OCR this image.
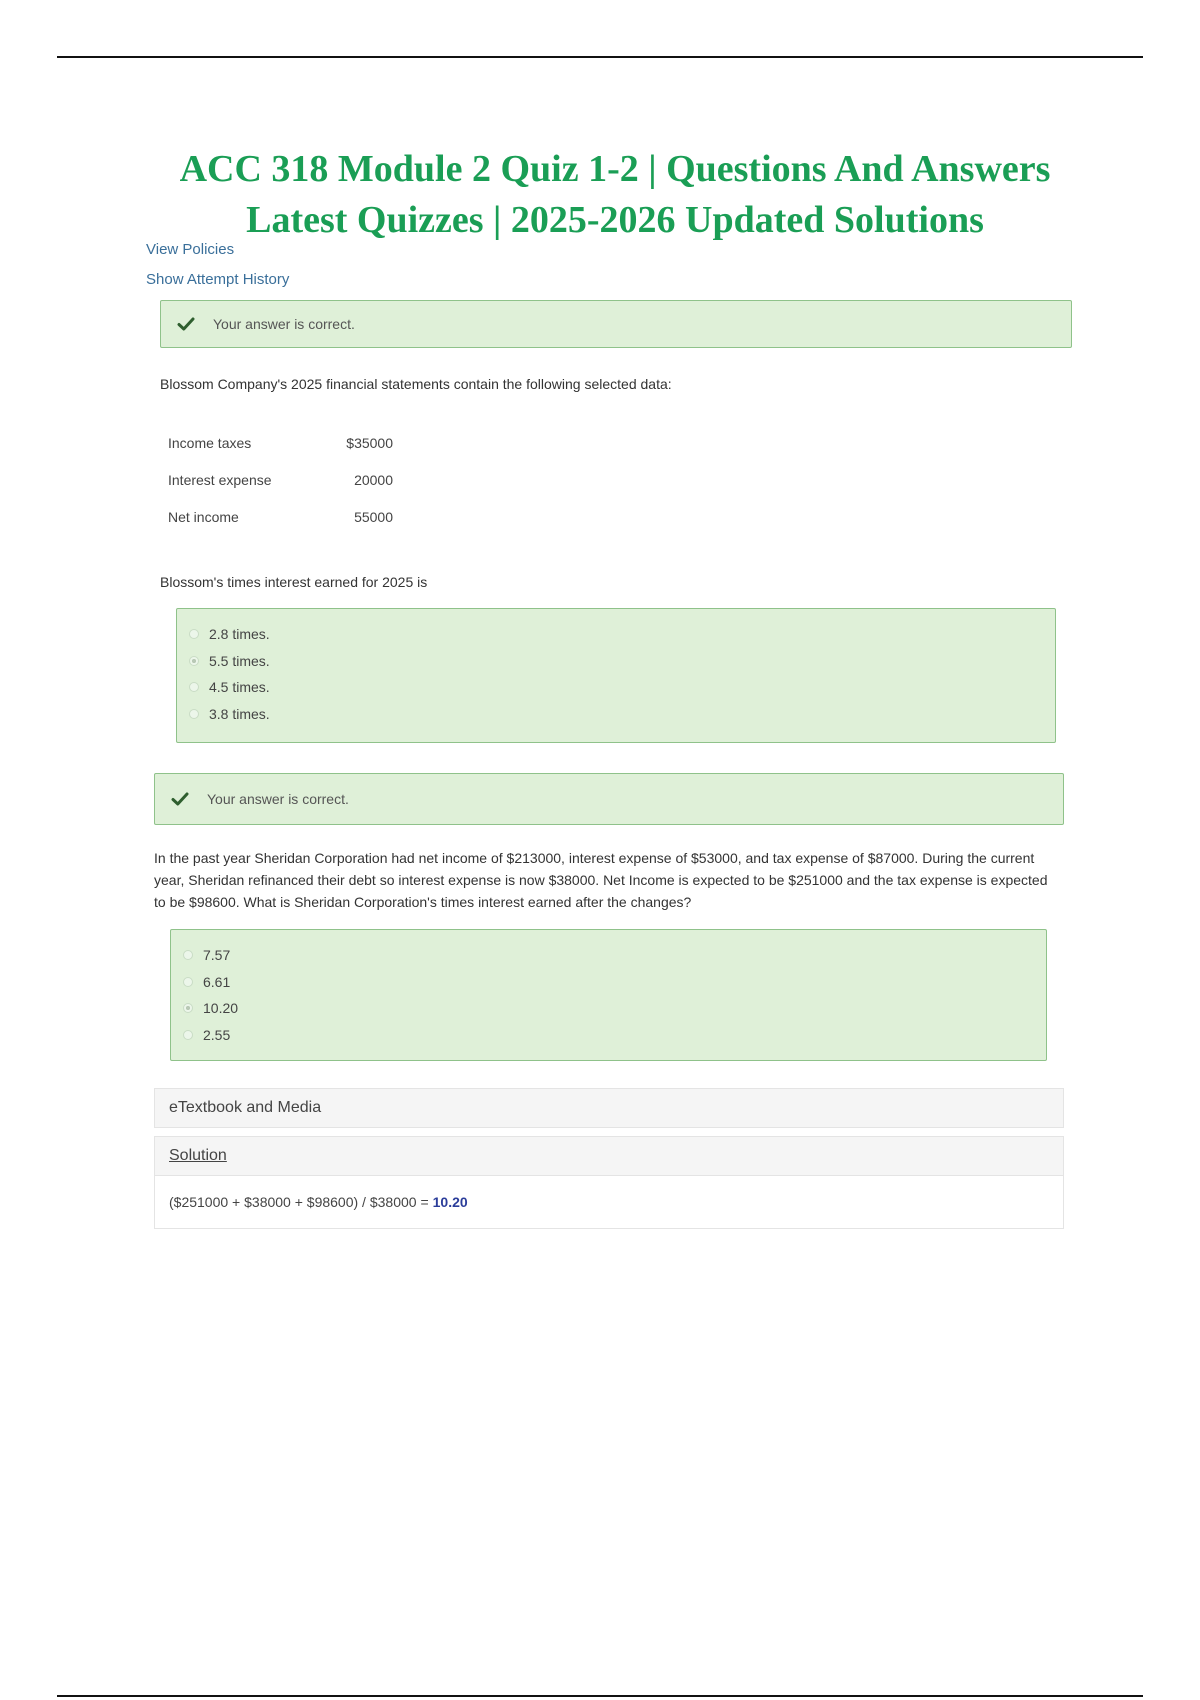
ACC 318 Module 2 Quiz 1-2 | Questions And Answers
Latest Quizzes | 2025-2026 Updated Solutions
View Policies
Show Attempt History
Your answer is correct.

Blossom Company's 2025 financial statements contain the following selected data:

Income taxes	$35000
Interest expense	20000
Net income	55000

Blossom's times interest earned for 2025 is

2.8 times.
5.5 times.
4.5 times.
3.8 times.
Your answer is correct.

In the past year Sheridan Corporation had net income of $213000, interest expense of $53000, and tax expense of $87000. During the current year, Sheridan refinanced their debt so interest expense is now $38000. Net Income is expected to be $251000 and the tax expense is expected to be $98600. What is Sheridan Corporation's times interest earned after the changes?

7.57
6.61
10.20
2.55
eTextbook and Media
Solution
($251000 + $38000 + $98600) / $38000 = 10.20
